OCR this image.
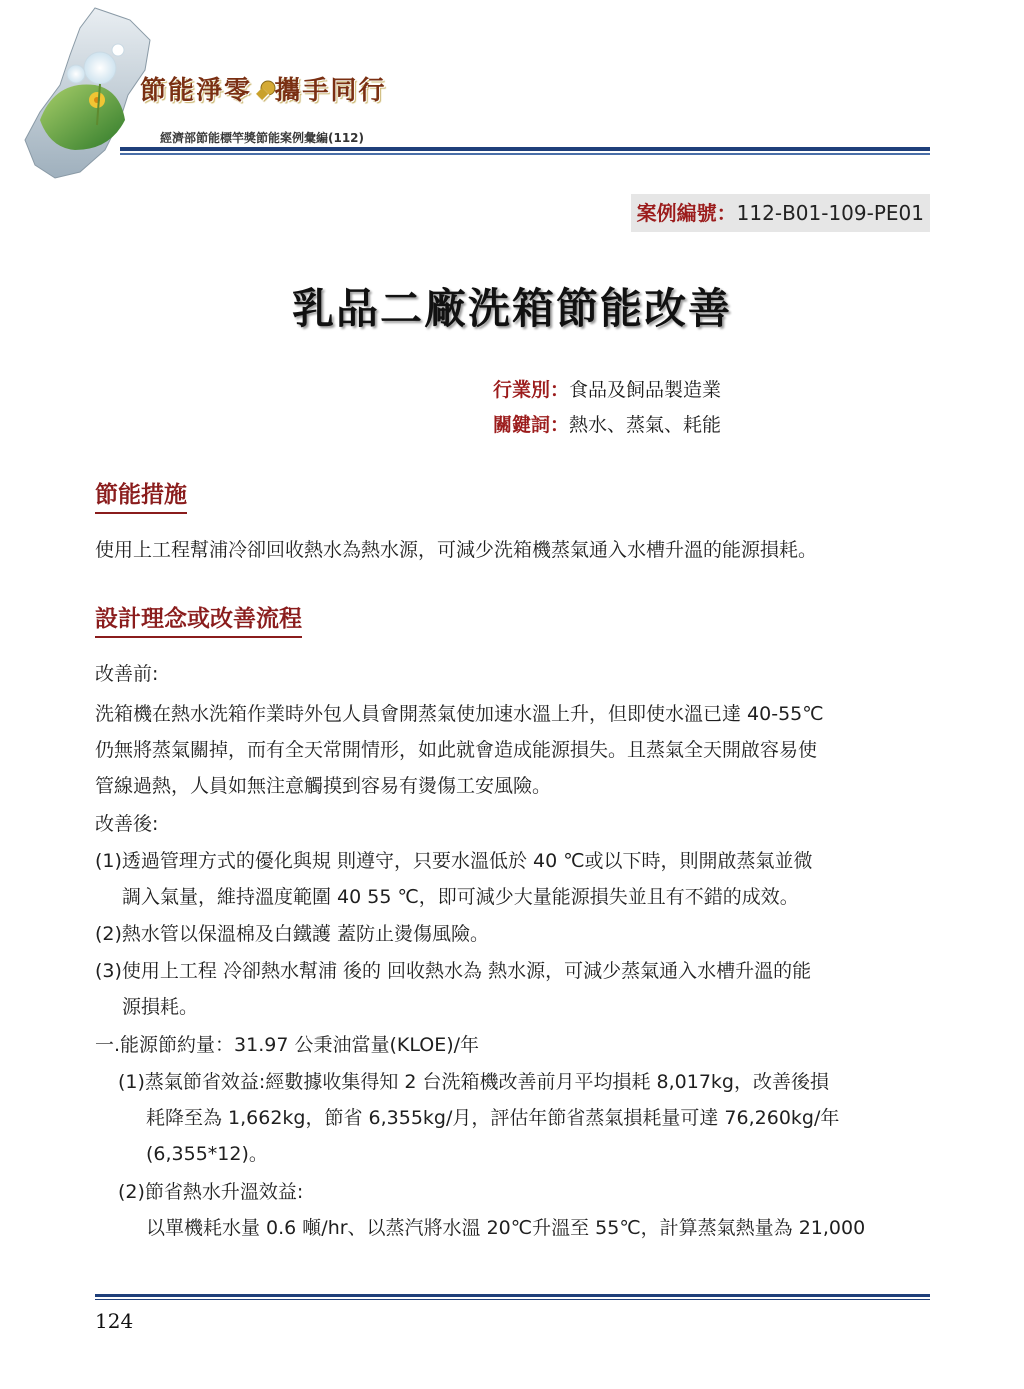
節能淨零 ◆ 攜手同行
經濟部節能標竿獎節能案例彙編(112)
案例編號：112-B01-109-PE01
乳品二廠洗箱節能改善
行業別：食品及飼品製造業
關鍵詞：熱水、蒸氣、耗能
節能措施
使用上工程幫浦冷卻回收熱水為熱水源，可減少洗箱機蒸氣通入水槽升溫的能源損耗。
設計理念或改善流程
改善前:
洗箱機在熱水洗箱作業時外包人員會開蒸氣使加速水溫上升，但即使水溫已達 40-55℃
仍無將蒸氣關掉，而有全天常開情形，如此就會造成能源損失。且蒸氣全天開啟容易使
管線過熱，人員如無注意觸摸到容易有燙傷工安風險。
改善後:
(1)透過管理方式的優化與規 則遵守，只要水溫低於 40 ℃或以下時，則開啟蒸氣並微
調入氣量，維持溫度範圍 40 55 ℃，即可減少大量能源損失並且有不錯的成效。
(2)熱水管以保溫棉及白鐵護 蓋防止燙傷風險。
(3)使用上工程 冷卻熱水幫浦 後的 回收熱水為 熱水源，可減少蒸氣通入水槽升溫的能
源損耗。
一.能源節約量：31.97 公秉油當量(KLOE)/年
(1)蒸氣節省效益:經數據收集得知 2 台洗箱機改善前月平均損耗 8,017kg，改善後損
耗降至為 1,662kg，節省 6,355kg/月，評估年節省蒸氣損耗量可達 76,260kg/年
(6,355*12)。
(2)節省熱水升溫效益:
以單機耗水量 0.6 噸/hr、以蒸汽將水溫 20℃升溫至 55℃，計算蒸氣熱量為 21,000
124
